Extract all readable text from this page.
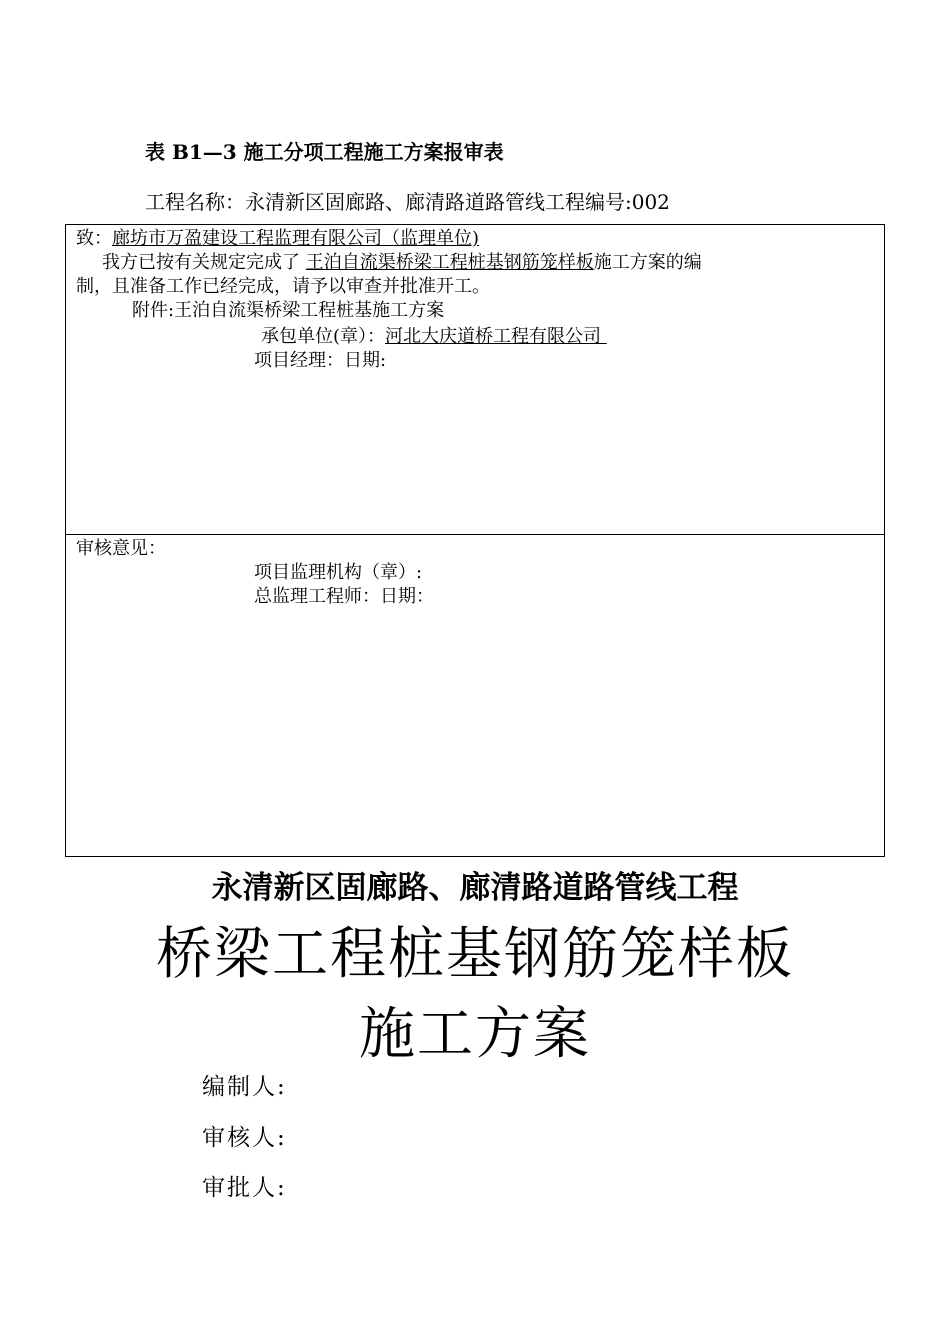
表 B1—3 施工分项工程施工方案报审表
工程名称：永清新区固廊路、廊清路道路管线工程编号:002
致：廊坊市万盈建设工程监理有限公司（监理单位)
我方已按有关规定完成了 王泊自流渠桥梁工程桩基钢筋笼样板施工方案的编
制，且准备工作已经完成，请予以审查并批准开工。
附件:王泊自流渠桥梁工程桩基施工方案
承包单位(章）：河北大庆道桥工程有限公司
项目经理：日期:
审核意见：
项目监理机构（章）:
总监理工程师：日期：
永清新区固廊路、廊清路道路管线工程
桥梁工程桩基钢筋笼样板
施工方案
编制人:
审核人:
审批人:
